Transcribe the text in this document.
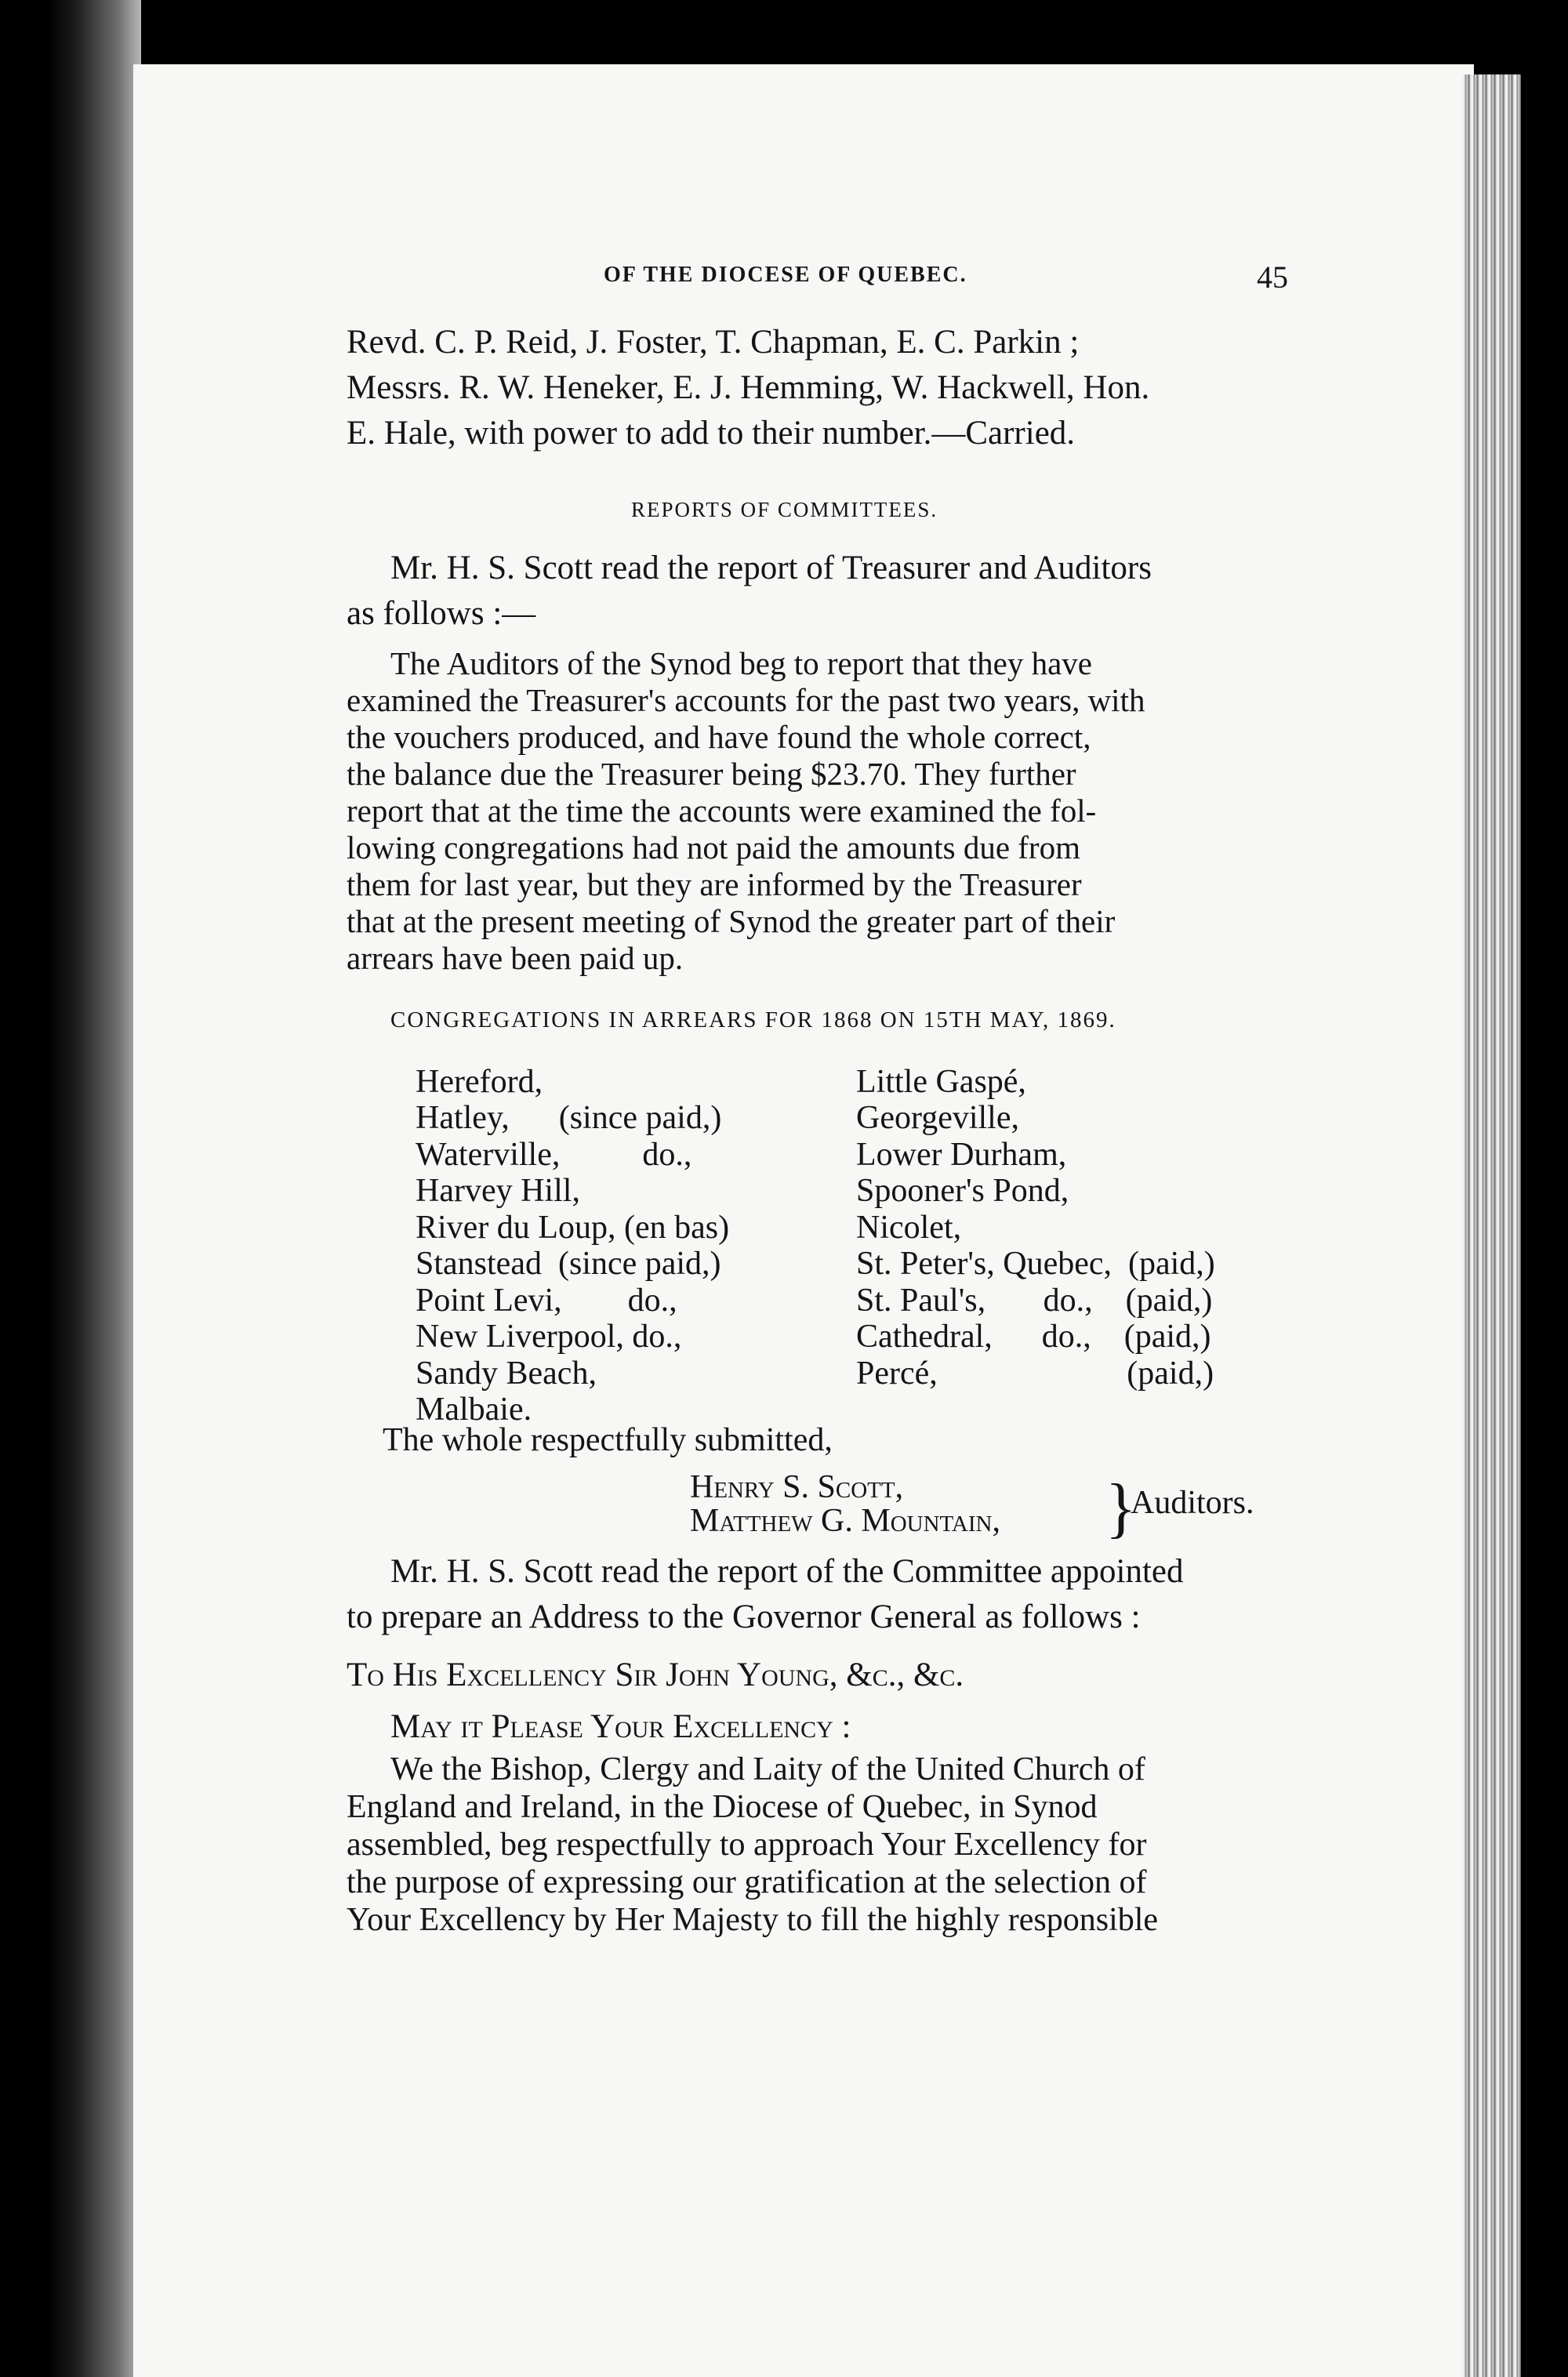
OF THE DIOCESE OF QUEBEC.	45
Revd. C. P. Reid, J. Foster, T. Chapman, E. C. Parkin ;
Messrs. R. W. Heneker, E. J. Hemming, W. Hackwell, Hon.
E. Hale, with power to add to their number.—Carried.
REPORTS OF COMMITTEES.
Mr. H. S. Scott read the report of Treasurer and Auditors
as follows :—
The Auditors of the Synod beg to report that they have
examined the Treasurer's accounts for the past two years, with
the vouchers produced, and have found the whole correct,
the balance due the Treasurer being $23.70. They further
report that at the time the accounts were examined the fol-
lowing congregations had not paid the amounts due from
them for last year, but they are informed by the Treasurer
that at the present meeting of Synod the greater part of their
arrears have been paid up.
CONGREGATIONS IN ARREARS FOR 1868 ON 15TH MAY, 1869.
Hereford,
Hatley,      (since paid,)
Waterville,          do.,
Harvey Hill,
River du Loup, (en bas)
Stanstead  (since paid,)
Point Levi,        do.,
New Liverpool, do.,
Sandy Beach,
Malbaie.
Little Gaspé,
Georgeville,
Lower Durham,
Spooner's Pond,
Nicolet,
St. Peter's, Quebec,  (paid,)
St. Paul's,       do.,    (paid,)
Cathedral,      do.,    (paid,)
Percé,                       (paid,)
The whole respectfully submitted,
Henry S. Scott,
Matthew G. Mountain, }
Auditors.
Mr. H. S. Scott read the report of the Committee appointed
to prepare an Address to the Governor General as follows :
To His Excellency Sir John Young, &c., &c.
May it Please Your Excellency :
We the Bishop, Clergy and Laity of the United Church of
England and Ireland, in the Diocese of Quebec, in Synod
assembled, beg respectfully to approach Your Excellency for
the purpose of expressing our gratification at the selection of
Your Excellency by Her Majesty to fill the highly responsible
